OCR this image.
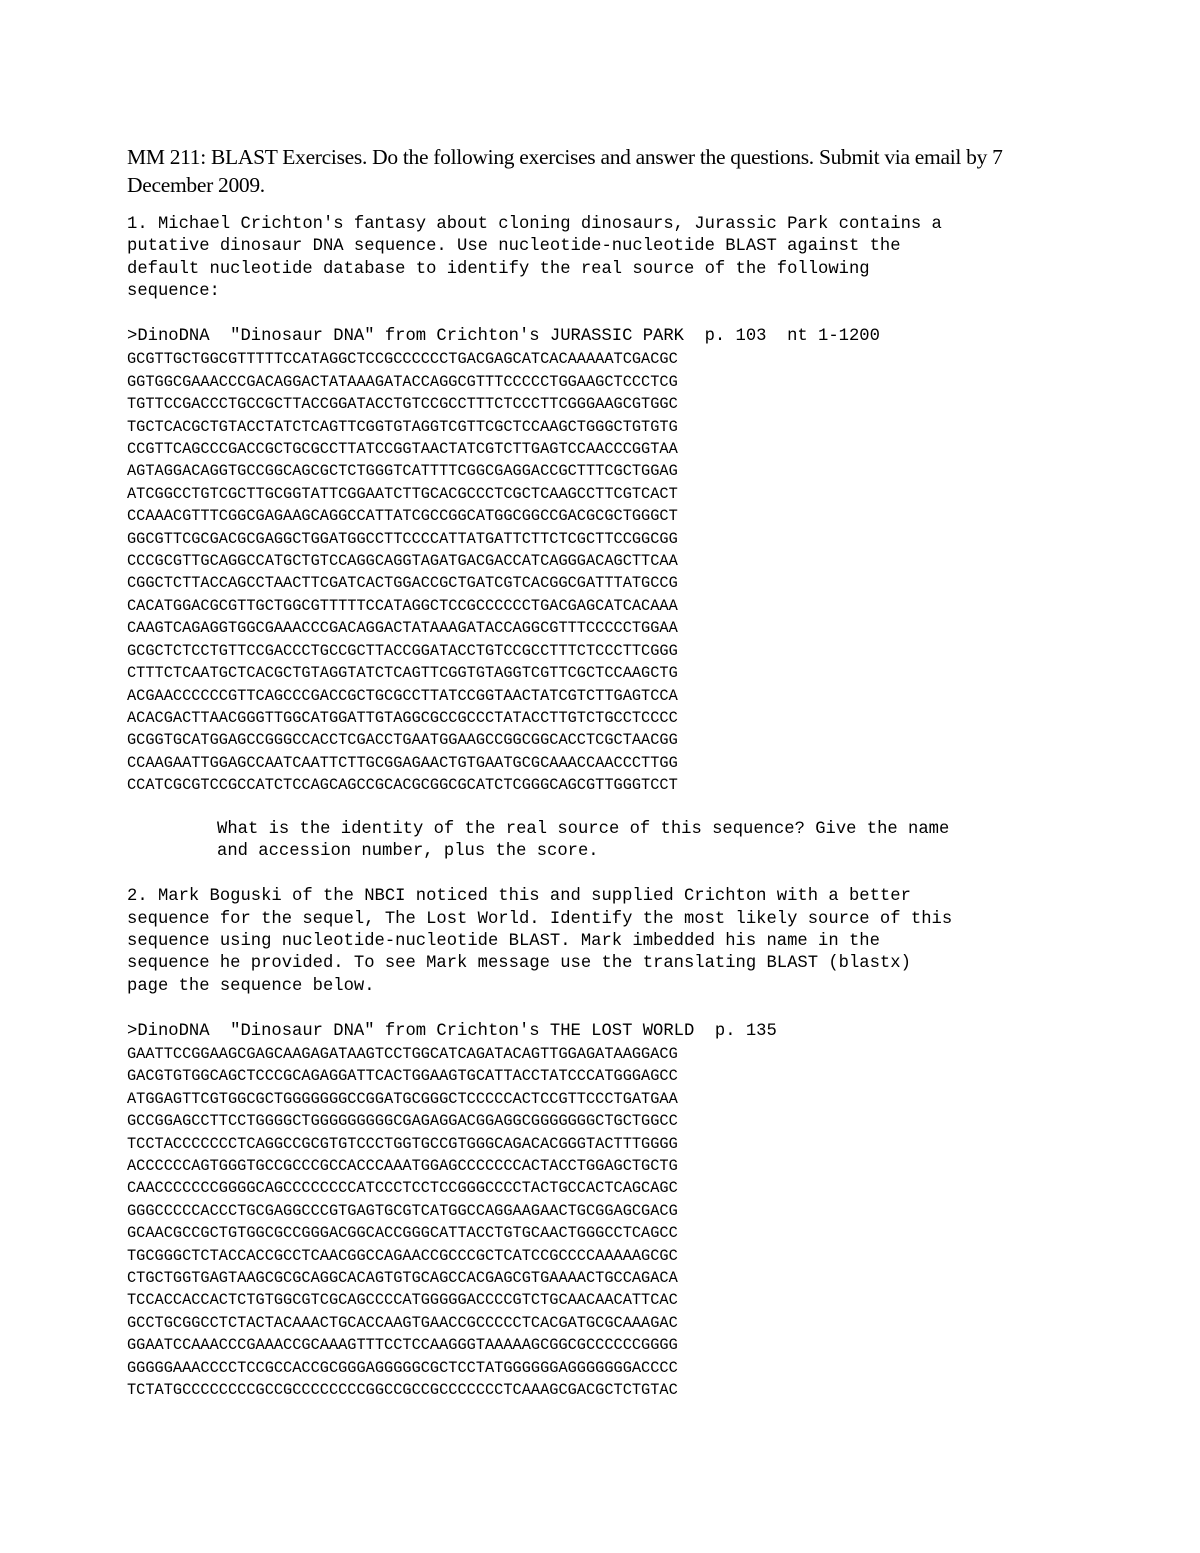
MM 211: BLAST Exercises. Do the following exercises and answer the questions. Submit via email by 7 December 2009.

1. Michael Crichton's fantasy about cloning dinosaurs, Jurassic Park contains a
putative dinosaur DNA sequence. Use nucleotide-nucleotide BLAST against the
default nucleotide database to identify the real source of the following
sequence:
>DinoDNA  "Dinosaur DNA" from Crichton's JURASSIC PARK  p. 103  nt 1-1200
GCGTTGCTGGCGTTTTTCCATAGGCTCCGCCCCCCTGACGAGCATCACAAAAATCGACGC
GGTGGCGAAACCCGACAGGACTATAAAGATACCAGGCGTTTCCCCCTGGAAGCTCCCTCG
TGTTCCGACCCTGCCGCTTACCGGATACCTGTCCGCCTTTCTCCCTTCGGGAAGCGTGGC
TGCTCACGCTGTACCTATCTCAGTTCGGTGTAGGTCGTTCGCTCCAAGCTGGGCTGTGTG
CCGTTCAGCCCGACCGCTGCGCCTTATCCGGTAACTATCGTCTTGAGTCCAACCCGGTAA
AGTAGGACAGGTGCCGGCAGCGCTCTGGGTCATTTTCGGCGAGGACCGCTTTCGCTGGAG
ATCGGCCTGTCGCTTGCGGTATTCGGAATCTTGCACGCCCTCGCTCAAGCCTTCGTCACT
CCAAACGTTTCGGCGAGAAGCAGGCCATTATCGCCGGCATGGCGGCCGACGCGCTGGGCT
GGCGTTCGCGACGCGAGGCTGGATGGCCTTCCCCATTATGATTCTTCTCGCTTCCGGCGG
CCCGCGTTGCAGGCCATGCTGTCCAGGCAGGTAGATGACGACCATCAGGGACAGCTTCAA
CGGCTCTTACCAGCCTAACTTCGATCACTGGACCGCTGATCGTCACGGCGATTTATGCCG
CACATGGACGCGTTGCTGGCGTTTTTCCATAGGCTCCGCCCCCCTGACGAGCATCACAAA
CAAGTCAGAGGTGGCGAAACCCGACAGGACTATAAAGATACCAGGCGTTTCCCCCTGGAA
GCGCTCTCCTGTTCCGACCCTGCCGCTTACCGGATACCTGTCCGCCTTTCTCCCTTCGGG
CTTTCTCAATGCTCACGCTGTAGGTATCTCAGTTCGGTGTAGGTCGTTCGCTCCAAGCTG
ACGAACCCCCCGTTCAGCCCGACCGCTGCGCCTTATCCGGTAACTATCGTCTTGAGTCCA
ACACGACTTAACGGGTTGGCATGGATTGTAGGCGCCGCCCTATACCTTGTCTGCCTCCCC
GCGGTGCATGGAGCCGGGCCACCTCGACCTGAATGGAAGCCGGCGGCACCTCGCTAACGG
CCAAGAATTGGAGCCAATCAATTCTTGCGGAGAACTGTGAATGCGCAAACCAACCCTTGG
CCATCGCGTCCGCCATCTCCAGCAGCCGCACGCGGCGCATCTCGGGCAGCGTTGGGTCCT
What is the identity of the real source of this sequence? Give the name
and accession number, plus the score.
2. Mark Boguski of the NBCI noticed this and supplied Crichton with a better
sequence for the sequel, The Lost World. Identify the most likely source of this
sequence using nucleotide-nucleotide BLAST. Mark imbedded his name in the
sequence he provided. To see Mark message use the translating BLAST (blastx)
page the sequence below.
>DinoDNA  "Dinosaur DNA" from Crichton's THE LOST WORLD  p. 135
GAATTCCGGAAGCGAGCAAGAGATAAGTCCTGGCATCAGATACAGTTGGAGATAAGGACG
GACGTGTGGCAGCTCCCGCAGAGGATTCACTGGAAGTGCATTACCTATCCCATGGGAGCC
ATGGAGTTCGTGGCGCTGGGGGGGCCGGATGCGGGCTCCCCCACTCCGTTCCCTGATGAA
GCCGGAGCCTTCCTGGGGCTGGGGGGGGGCGAGAGGACGGAGGCGGGGGGGCTGCTGGCC
TCCTACCCCCCCTCAGGCCGCGTGTCCCTGGTGCCGTGGGCAGACACGGGTACTTTGGGG
ACCCCCCAGTGGGTGCCGCCCGCCACCCAAATGGAGCCCCCCCACTACCTGGAGCTGCTG
CAACCCCCCCGGGGCAGCCCCCCCCATCCCTCCTCCGGGCCCCTACTGCCACTCAGCAGC
GGGCCCCCACCCTGCGAGGCCCGTGAGTGCGTCATGGCCAGGAAGAACTGCGGAGCGACG
GCAACGCCGCTGTGGCGCCGGGACGGCACCGGGCATTACCTGTGCAACTGGGCCTCAGCC
TGCGGGCTCTACCACCGCCTCAACGGCCAGAACCGCCCGCTCATCCGCCCCAAAAAGCGC
CTGCTGGTGAGTAAGCGCGCAGGCACAGTGTGCAGCCACGAGCGTGAAAACTGCCAGACA
TCCACCACCACTCTGTGGCGTCGCAGCCCCATGGGGGACCCCGTCTGCAACAACATTCAC
GCCTGCGGCCTCTACTACAAACTGCACCAAGTGAACCGCCCCCTCACGATGCGCAAAGAC
GGAATCCAAACCCGAAACCGCAAAGTTTCCTCCAAGGGTAAAAAGCGGCGCCCCCCGGGG
GGGGGAAACCCCTCCGCCACCGCGGGAGGGGGCGCTCCTATGGGGGGAGGGGGGGACCCC
TCTATGCCCCCCCCGCCGCCCCCCCCGGCCGCCGCCCCCCCTCAAAGCGACGCTCTGTAC
